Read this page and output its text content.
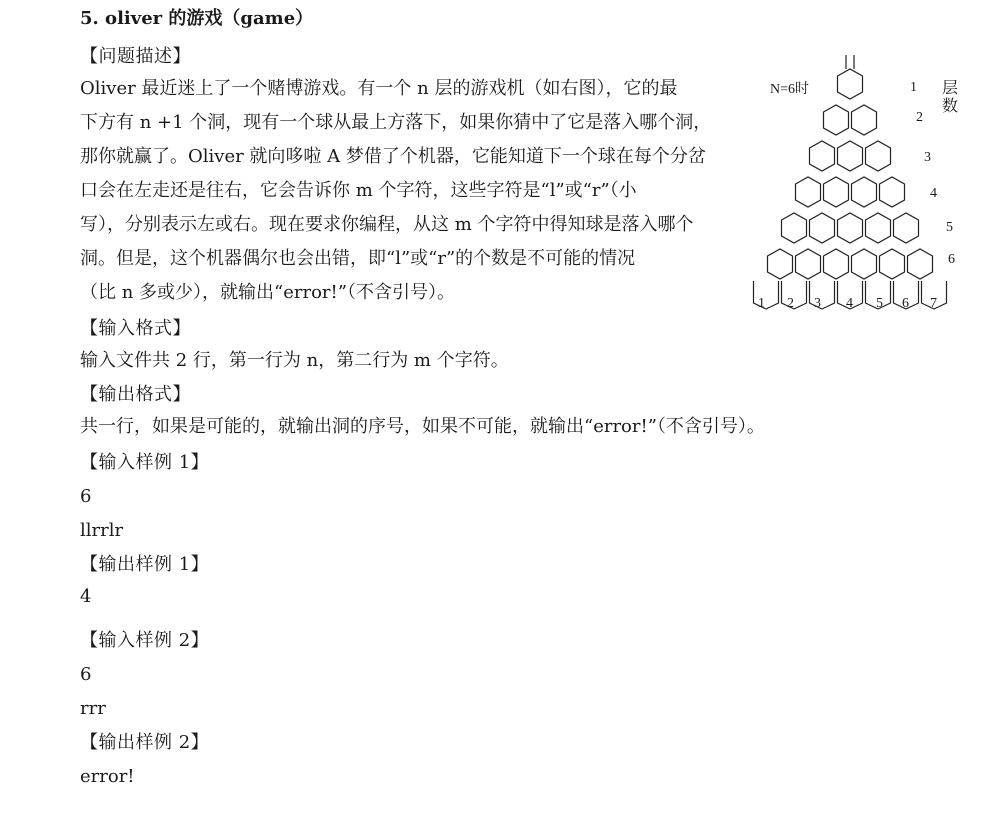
5. oliver 的游戏（game）
【问题描述】
Oliver 最近迷上了一个赌博游戏。有一个 n 层的游戏机（如右图），它的最
下方有 n +1 个洞，现有一个球从最上方落下，如果你猜中了它是落入哪个洞，
那你就赢了。Oliver 就向哆啦 A 梦借了个机器，它能知道下一个球在每个分岔
口会在左走还是往右，它会告诉你 m 个字符，这些字符是“l”或“r”（小
写），分别表示左或右。现在要求你编程，从这 m 个字符中得知球是落入哪个
洞。但是，这个机器偶尔也会出错，即“l”或“r”的个数是不可能的情况
（比 n 多或少），就输出“error!”（不含引号）。
【输入格式】
输入文件共 2 行，第一行为 n，第二行为 m 个字符。
【输出格式】
共一行，如果是可能的，就输出洞的序号，如果不可能，就输出“error!”（不含引号）。
【输入样例 1】
6
llrrlr
【输出样例 1】
4
【输入样例 2】
6
rrr
【输出样例 2】
error!
N=6时	层
数
1
2
3
4
5
6
1 2 3 4 5 6 7
